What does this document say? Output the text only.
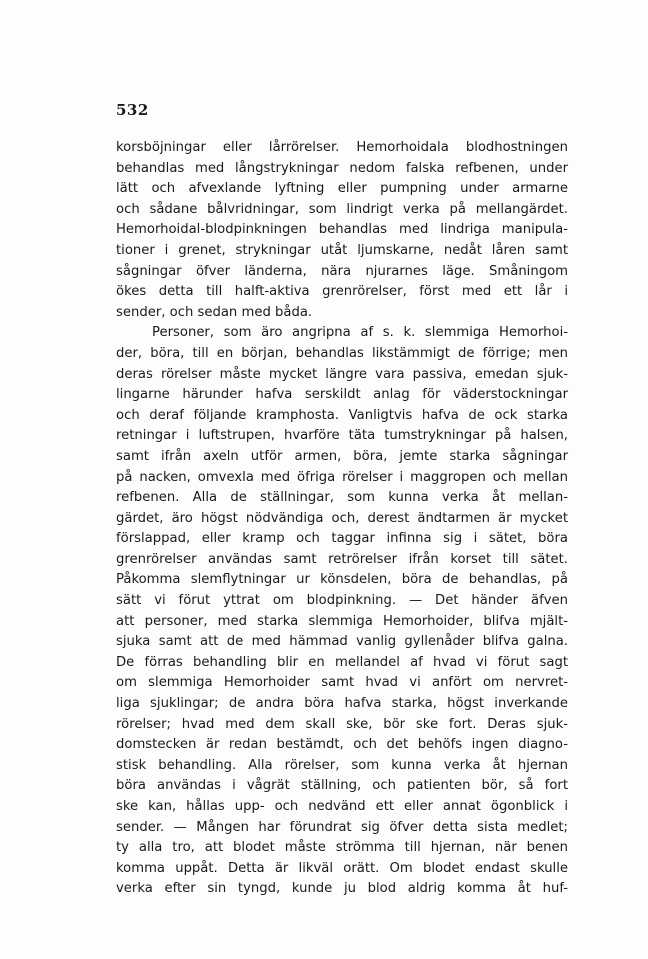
532
korsböjningar eller lårrörelser. Hemorhoidala blodhostningen
behandlas med långstrykningar nedom falska refbenen, under
lätt och afvexlande lyftning eller pumpning under armarne
och sådane bålvridningar, som lindrigt verka på mellangärdet.
Hemorhoidal-blodpinkningen behandlas med lindriga manipula-
tioner i grenet, strykningar utåt ljumskarne, nedåt låren samt
sågningar öfver länderna, nära njurarnes läge. Småningom
ökes detta till halft-aktiva grenrörelser, först med ett lår i
sender, och sedan med båda.
Personer, som äro angripna af s. k. slemmiga Hemorhoi-
der, böra, till en början, behandlas likstämmigt de förrige; men
deras rörelser måste mycket längre vara passiva, emedan sjuk-
lingarne härunder hafva serskildt anlag för väderstockningar
och deraf följande kramphosta. Vanligtvis hafva de ock starka
retningar i luftstrupen, hvarföre täta tumstrykningar på halsen,
samt ifrån axeln utför armen, böra, jemte starka sågningar
på nacken, omvexla med öfriga rörelser i maggropen och mellan
refbenen. Alla de ställningar, som kunna verka åt mellan-
gärdet, äro högst nödvändiga och, derest ändtarmen är mycket
förslappad, eller kramp och taggar infinna sig i sätet, böra
grenrörelser användas samt retrörelser ifrån korset till sätet.
Påkomma slemflytningar ur könsdelen, böra de behandlas, på
sätt vi förut yttrat om blodpinkning. — Det händer äfven
att personer, med starka slemmiga Hemorhoider, blifva mjält-
sjuka samt att de med hämmad vanlig gyllenåder blifva galna.
De förras behandling blir en mellandel af hvad vi förut sagt
om slemmiga Hemorhoider samt hvad vi anfört om nervret-
liga sjuklingar; de andra böra hafva starka, högst inverkande
rörelser; hvad med dem skall ske, bör ske fort. Deras sjuk-
domstecken är redan bestämdt, och det behöfs ingen diagno-
stisk behandling. Alla rörelser, som kunna verka åt hjernan
böra användas i vågrät ställning, och patienten bör, så fort
ske kan, hållas upp- och nedvänd ett eller annat ögonblick i
sender. — Mången har förundrat sig öfver detta sista medlet;
ty alla tro, att blodet måste strömma till hjernan, när benen
komma uppåt. Detta är likväl orätt. Om blodet endast skulle
verka efter sin tyngd, kunde ju blod aldrig komma åt huf-
